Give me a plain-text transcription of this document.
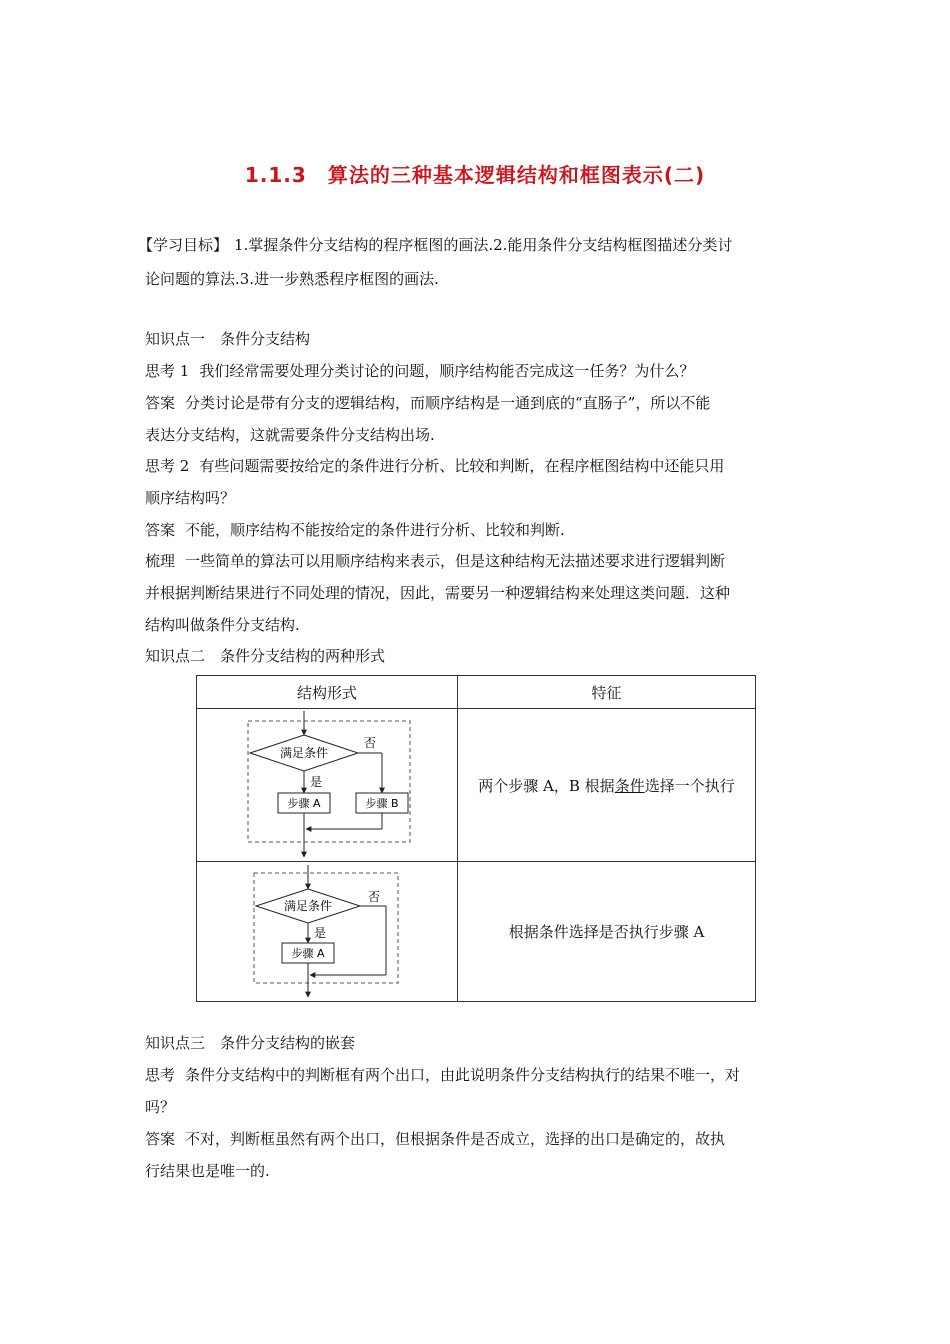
1.1.3　算法的三种基本逻辑结构和框图表示(二)
【学习目标】 1.掌握条件分支结构的程序框图的画法.2.能用条件分支结构框图描述分类讨
论问题的算法.3.进一步熟悉程序框图的画法.
知识点一　条件分支结构
思考 1 我们经常需要处理分类讨论的问题，顺序结构能否完成这一任务？为什么？
答案 分类讨论是带有分支的逻辑结构，而顺序结构是一通到底的“直肠子”，所以不能
表达分支结构，这就需要条件分支结构出场.
思考 2 有些问题需要按给定的条件进行分析、比较和判断，在程序框图结构中还能只用
顺序结构吗？
答案 不能，顺序结构不能按给定的条件进行分析、比较和判断.
梳理 一些简单的算法可以用顺序结构来表示，但是这种结构无法描述要求进行逻辑判断
并根据判断结果进行不同处理的情况，因此，需要另一种逻辑结构来处理这类问题．这种
结构叫做条件分支结构.
知识点二　条件分支结构的两种形式
结构形式	特征

满足条件
否
是
步骤 A 步骤 B	两个步骤 A，B 根据条件选择一个执行

满足条件
否
是
步骤 A	根据条件选择是否执行步骤 A
知识点三　条件分支结构的嵌套
思考 条件分支结构中的判断框有两个出口，由此说明条件分支结构执行的结果不唯一，对
吗？
答案 不对，判断框虽然有两个出口，但根据条件是否成立，选择的出口是确定的，故执
行结果也是唯一的.
